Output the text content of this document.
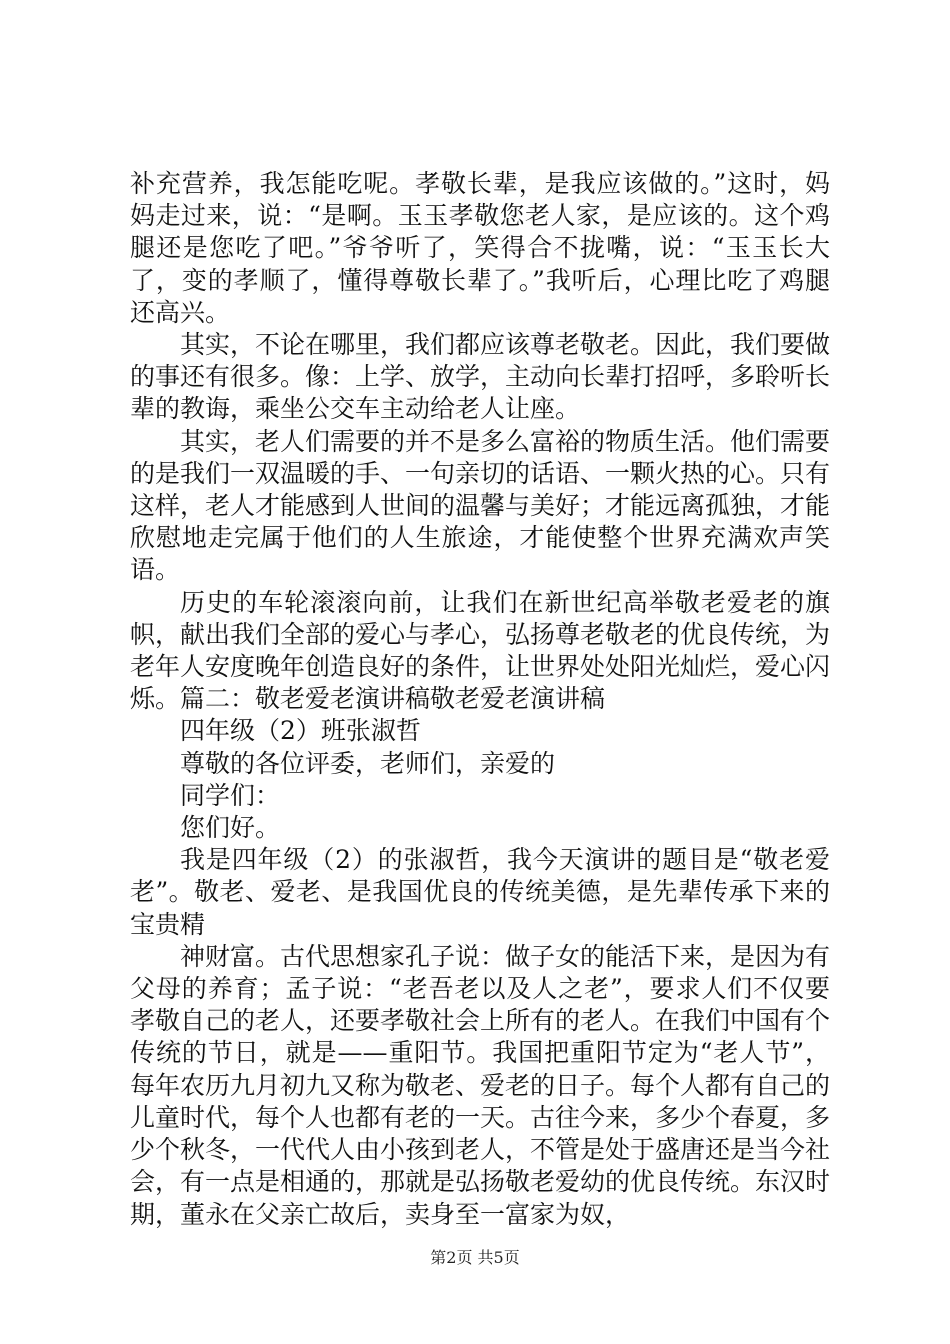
补充营养，我怎能吃呢。孝敬长辈，是我应该做的。”这时，妈妈走过来，说：“是啊。玉玉孝敬您老人家，是应该的。这个鸡腿还是您吃了吧。”爷爷听了，笑得合不拢嘴，说：“玉玉长大了，变的孝顺了，懂得尊敬长辈了。”我听后，心理比吃了鸡腿还高兴。

其实，不论在哪里，我们都应该尊老敬老。因此，我们要做的事还有很多。像：上学、放学，主动向长辈打招呼，多聆听长辈的教诲，乘坐公交车主动给老人让座。

其实，老人们需要的并不是多么富裕的物质生活。他们需要的是我们一双温暖的手、一句亲切的话语、一颗火热的心。只有这样，老人才能感到人世间的温馨与美好；才能远离孤独，才能欣慰地走完属于他们的人生旅途，才能使整个世界充满欢声笑语。

历史的车轮滚滚向前，让我们在新世纪高举敬老爱老的旗帜，献出我们全部的爱心与孝心，弘扬尊老敬老的优良传统，为老年人安度晚年创造良好的条件，让世界处处阳光灿烂，爱心闪烁。篇二：敬老爱老演讲稿敬老爱老演讲稿

四年级（2）班张淑哲

尊敬的各位评委，老师们，亲爱的

同学们：

您们好。

我是四年级（2）的张淑哲，我今天演讲的题目是“敬老爱老”。敬老、爱老、是我国优良的传统美德，是先辈传承下来的宝贵精

神财富。古代思想家孔子说：做子女的能活下来，是因为有父母的养育；孟子说：“老吾老以及人之老”，要求人们不仅要孝敬自己的老人，还要孝敬社会上所有的老人。在我们中国有个传统的节日，就是——重阳节。我国把重阳节定为“老人节”，每年农历九月初九又称为敬老、爱老的日子。每个人都有自己的儿童时代，每个人也都有老的一天。古往今来，多少个春夏，多少个秋冬，一代代人由小孩到老人，不管是处于盛唐还是当今社会，有一点是相通的，那就是弘扬敬老爱幼的优良传统。东汉时期，董永在父亲亡故后，卖身至一富家为奴，

第2页 共5页
